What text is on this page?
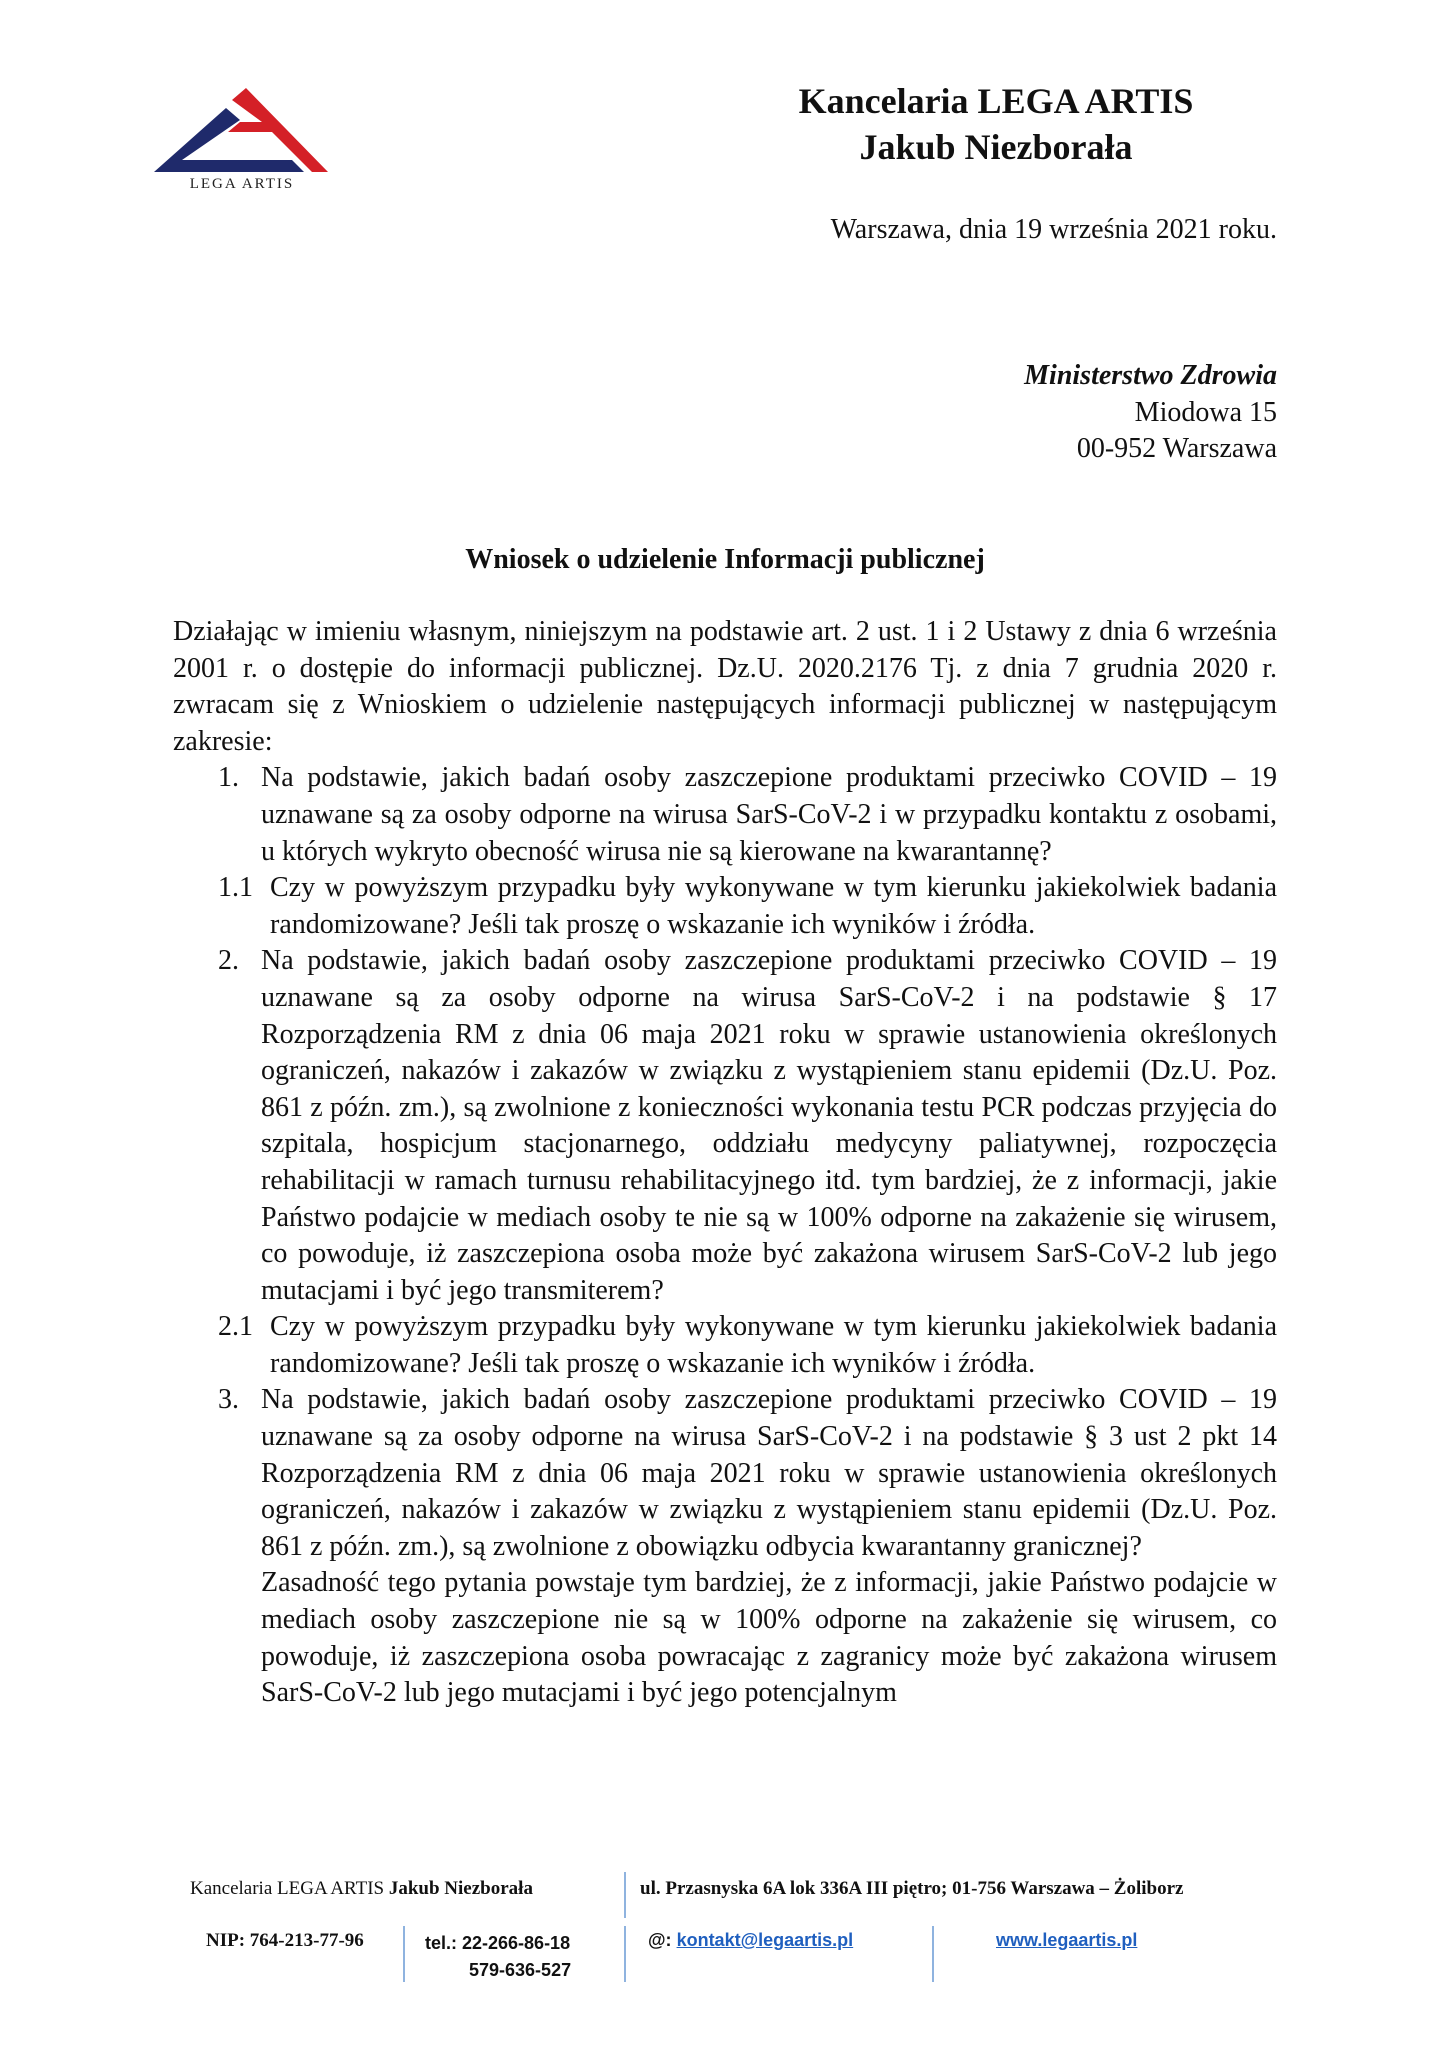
LEGA ARTIS
Kancelaria LEGA ARTIS
Jakub Niezborała
Warszawa, dnia 19 września 2021 roku.
Ministerstwo Zdrowia
Miodowa 15
00-952 Warszawa
Wniosek o udzielenie Informacji publicznej

Działając w imieniu własnym, niniejszym na podstawie art. 2 ust. 1 i 2 Ustawy z dnia 6 września 2001 r. o dostępie do informacji publicznej. Dz.U. 2020.2176 Tj. z dnia 7 grudnia 2020 r. zwracam się z Wnioskiem o udzielenie następujących informacji publicznej w następującym zakresie:

1. Na podstawie, jakich badań osoby zaszczepione produktami przeciwko COVID – 19 uznawane są za osoby odporne na wirusa SarS-CoV-2 i w przypadku kontaktu z osobami, u których wykryto obecność wirusa nie są kierowane na kwarantannę?
1.1 Czy w powyższym przypadku były wykonywane w tym kierunku jakiekolwiek badania randomizowane? Jeśli tak proszę o wskazanie ich wyników i źródła.
2. Na podstawie, jakich badań osoby zaszczepione produktami przeciwko COVID – 19 uznawane są za osoby odporne na wirusa SarS-CoV-2 i na podstawie § 17 Rozporządzenia RM z dnia 06 maja 2021 roku w sprawie ustanowienia określonych ograniczeń, nakazów i zakazów w związku z wystąpieniem stanu epidemii (Dz.U. Poz. 861 z późn. zm.), są zwolnione z konieczności wykonania testu PCR podczas przyjęcia do szpitala, hospicjum stacjonarnego, oddziału medycyny paliatywnej, rozpoczęcia rehabilitacji w ramach turnusu rehabilitacyjnego itd. tym bardziej, że z informacji, jakie Państwo podajcie w mediach osoby te nie są w 100% odporne na zakażenie się wirusem, co powoduje, iż zaszczepiona osoba może być zakażona wirusem SarS-CoV-2 lub jego mutacjami i być jego transmiterem?
2.1 Czy w powyższym przypadku były wykonywane w tym kierunku jakiekolwiek badania randomizowane? Jeśli tak proszę o wskazanie ich wyników i źródła.
3. Na podstawie, jakich badań osoby zaszczepione produktami przeciwko COVID – 19 uznawane są za osoby odporne na wirusa SarS-CoV-2 i na podstawie § 3 ust 2 pkt 14 Rozporządzenia RM z dnia 06 maja 2021 roku w sprawie ustanowienia określonych ograniczeń, nakazów i zakazów w związku z wystąpieniem stanu epidemii (Dz.U. Poz. 861 z późn. zm.), są zwolnione z obowiązku odbycia kwarantanny granicznej?
Zasadność tego pytania powstaje tym bardziej, że z informacji, jakie Państwo podajcie w mediach osoby zaszczepione nie są w 100% odporne na zakażenie się wirusem, co powoduje, iż zaszczepiona osoba powracając z zagranicy może być zakażona wirusem SarS-CoV-2 lub jego mutacjami i być jego potencjalnym
Kancelaria LEGA ARTIS Jakub Niezborała	ul. Przasnyska 6A lok 336A III piętro; 01-756 Warszawa – Żoliborz
NIP: 764-213-77-96	tel.: 22-266-86-18
579-636-527
@: kontakt@legaartis.pl	www.legaartis.pl
